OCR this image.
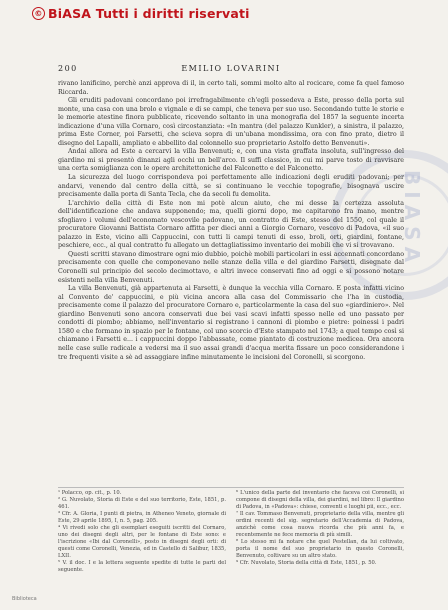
© BiASA Tutti i diritti riservati
BIASA
200	EMILIO LOVARINI

rivano lanificino, perchè anzi approva di il, in certo tali, sommi molto alto al rocicare, come fa quel famoso Riccarda.

Gli eruditi padovani concordano poi irrefragabilmente ch'egli possedeva a Este, presso della porta sul monte, una casa con una brolo e vignale e di se campi, che teneva per suo uso. Secondando tutte le storie e le memorie atestine finora pubblicate, ricevendo soltanto in una monografia del 1857 la seguente incerta indicazione d'una villa Cornaro, così circostanziata: «In mantra (del palazzo Kunkler), a sinistra, il palazzo, prima Este Corner, poi Farsetti, che scieva sopra di un'ubana mondissima, ora con fino prato, dietro il disegno del Lapalli, ampliato e abbellito dal colonnello suo proprietario Astolfo detto Benvenuti».

Andai allora ad Este a cercarvi la villa Benvenuti; e, con una vista graffata insoluta, sull'ingresso del giardino mi si presentò dinanzi agli occhi un bell'arco. Il suffi classico, in cui mi parve tosto di ravvisare una certa somiglianza con le opere architettoniche del Falconetto e del Falconetto.

La sicurezza del luogo corrispondeva poi perfettamente alle indicazioni degli eruditi padovani; per andarvi, venendo dal centro della città, se si continuano le vecchie topografie, bisognava uscire precisamente dalla porta di Santa Tecla, che da secoli fu demolita.

L'archivio della città di Este non mi potè alcun aiuto, che mi desse la certezza assoluta dell'identificazione che andava supponendo; ma, quelli giorni dopo, me capitarono fra mano, mentre sfogliavo i volumi dell'economato vescovile padovano, un contratto di Este, stesso del 1550, col quale il procuratore Giovanni Battista Cornaro affitta per dieci anni a Giorgio Cornaro, vescovo di Padova, «il suo palazzo in Este, vicino alli Cappuccini, con tutti li campi tenuti di esso, broli, orti, giardini, fontane, peschiere, ecc., al qual contratto fu allegato un dettagliatissimo inventario dei mobili che vi si trovavano.

Questi scritti stavano dimostrare ogni mio dubbio, poichè mobili particolari in essi accennati concordano precisamente con quelle che componevano nelle stanze della villa e del giardino Farsetti, disegnate dal Coronelli sul principio del secolo decimottavo, e altri invece conservati fino ad oggi e si possono notare esistenti nella villa Benvenuti.

La villa Benvenuti, già appartenuta ai Farsetti, è dunque la vecchia villa Cornaro. E posta infatti vicino al Convento de' cappuccini, e più vicina ancora alla casa del Commissario che l'ha in custodia, precisamente come il palazzo del procuratore Cornaro e, particolarmente la casa del suo «giardiniero». Nel giardino Benvenuti sono ancora conservati due bei vasi scavi infatti spesso nelle ed uno passato per condotti di piombo; abbiamo, nell'inventario si registrano i cannoni di piombo e pietre: poinessi i padri 1580 e che formano in spazio per le fontane, col uno scorcio d'Este stampato nel 1743; a quel tempo così si chiamano i Farsetti e... i cappuccini doppo l'abbassate, come piantato di costruzione medicea. Ora ancora nelle case sulle radicale a vedersi ma il suo assai grandi d'acqua merita fissare un poco considerandone i tre frequenti visite a sè ad assaggiare infine minutamente le incisioni del Coronelli, si scorgono.

¹ Polacco, op. cit., p. 10.

² G. Nuvolato, Storia di Este e del suo territorio, Este, 1851, p. 461.

³ Cfr. A. Gloria, I punti di pietra, in Atheneo Veneto, giornale di Este, 29 aprile 1895, I, n. 5, pag. 205.

⁴ Vi rivedi solo che gli esemplari eseguiti iscritti del Cornaro, uno dei disegni degli altri, per le fontane di Este sono: e l'iscrizione «Ibi dal Coronelli», posto in disegni degli orti: di questi come Coronelli, Venezia, ed in Castello di Salibur, 1835, LXII.

⁵ V. il doc. I e la lettera seguente spedite di tutte le parti del seguente.

⁶ L'unico della parte del inventario che faceva coi Coronelli, si compone di disegni della villa, dei giardini, nel libro: Il giardino di Padova, in «Padova»: chiese, conventi e luoghi pii, ecc., ecc.

⁷ Il cav. Tommaso Benvenuti, proprietario della villa, mentre gli ordini recenti del sig. segretario dell'Accademia di Padova, anzichè come cosa nuova ricorda che più anni fa, e recentemente ne fece memoria di più simili.

⁸ Lo stesso mi fa notare che quel Pestellan, da lui coltivato, porta il nome del suo proprietario in questo Coronelli, Benvenuto, coltivare su un altro stato.

⁹ Cfr. Nuvolato, Storia della città di Este, 1851, p. 50.

Biblioteca
